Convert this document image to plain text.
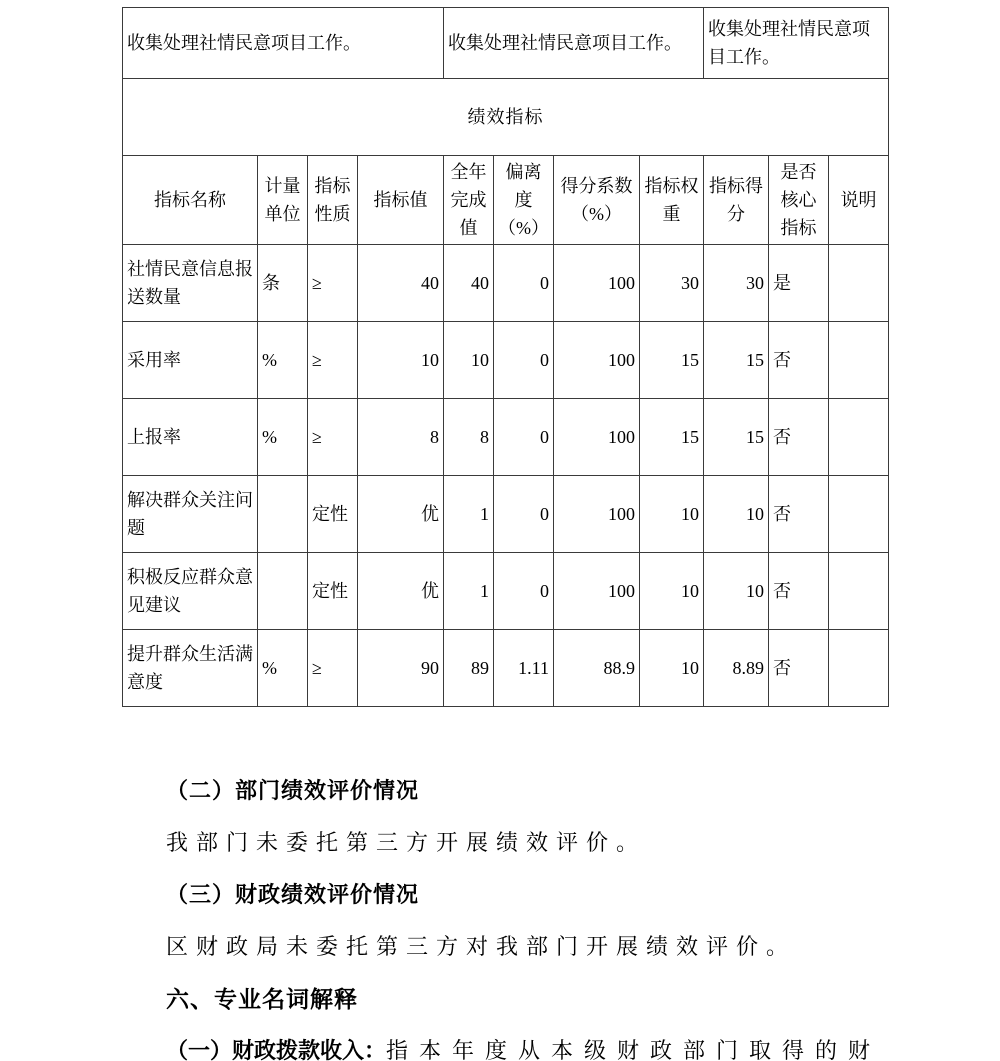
收集处理社情民意项目工作。				收集处理社情民意项目工作。				收集处理社情民意项目工作。		
绩效指标										
指标名称	计量单位	指标性质	指标值	全年完成值	偏离度（%）	得分系数（%）	指标权重	指标得分	是否核心指标	说明
社情民意信息报送数量	条	≥	40	40	0	100	30	30	是	
采用率	%	≥	10	10	0	100	15	15	否	
上报率	%	≥	8	8	0	100	15	15	否	
解决群众关注问题		定性	优	1	0	100	10	10	否	
积极反应群众意见建议		定性	优	1	0	100	10	10	否	
提升群众生活满意度	%	≥	90	89	1.11	88.9	10	8.89	否	

（二）部门绩效评价情况

我部门未委托第三方开展绩效评价。

（三）财政绩效评价情况

区财政局未委托第三方对我部门开展绩效评价。

六、专业名词解释

（一）财政拨款收入：指本年度从本级财政部门取得的财
